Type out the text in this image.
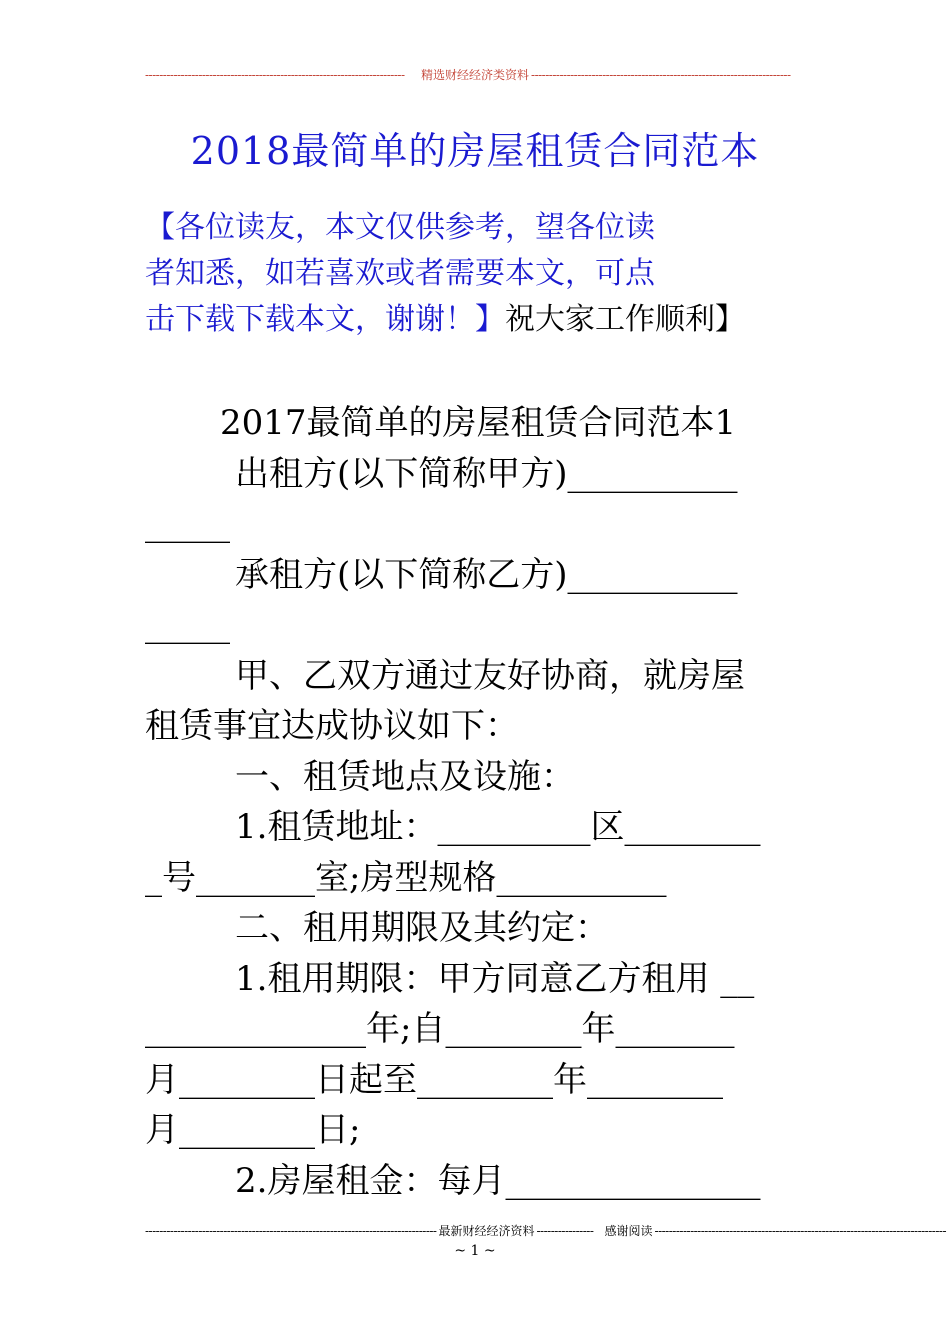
-------------------------------------------------------------------------	精选财经经济类资料 -------------------------------------------------------------------------
2018最简单的房屋租赁合同范本
【各位读友，本文仅供参考，望各位读
者知悉，如若喜欢或者需要本文，可点
击下载下载本文，谢谢！】祝大家工作顺利】
2017最简单的房屋租赁合同范本1
出租方(以下简称甲方)__________
_____
承租方(以下简称乙方)__________
_____
甲、乙双方通过友好协商，就房屋
租赁事宜达成协议如下：
一、租赁地点及设施：
1.租赁地址：_________区________
_号_______室;房型规格__________
二、租用期限及其约定：
1.租用期限：甲方同意乙方租用 __
_____________年;自________年_______
月________日起至________年________
月________日;
2.房屋租金：每月_______________
---------------------------------------------------------------------------------- 最新财经经济资料 ---------------- 感谢阅读 ----------------------------------------------------------------------------------
~ 1 ~
